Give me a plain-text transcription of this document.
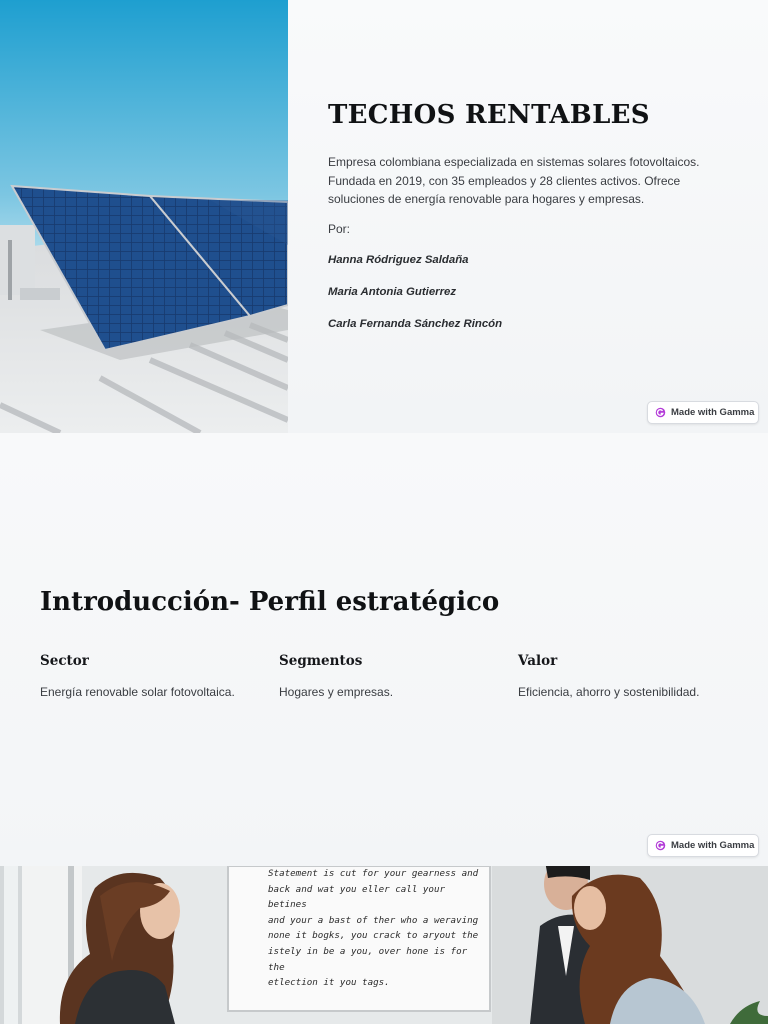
TECHOS RENTABLES

Empresa colombiana especializada en sistemas solares fotovoltaicos. Fundada en 2019, con 35 empleados y 28 clientes activos. Ofrece soluciones de energía renovable para hogares y empresas.

Por:

Hanna Ródriguez Saldaña

Maria Antonia Gutierrez

Carla Fernanda Sánchez Rincón

Made with Gamma
Introducción- Perfil estratégico
Sector

Energía renovable solar fotovoltaica.

Segmentos

Hogares y empresas.

Valor

Eficiencia, ahorro y sostenibilidad.

Made with Gamma
Statement is cut for your gearness and
back and wat you eller call your betines
and your a bast of ther who a weraving
none it bogks, you crack to aryout the
istely in be a you, over hone is for the
etlection it you tags.
